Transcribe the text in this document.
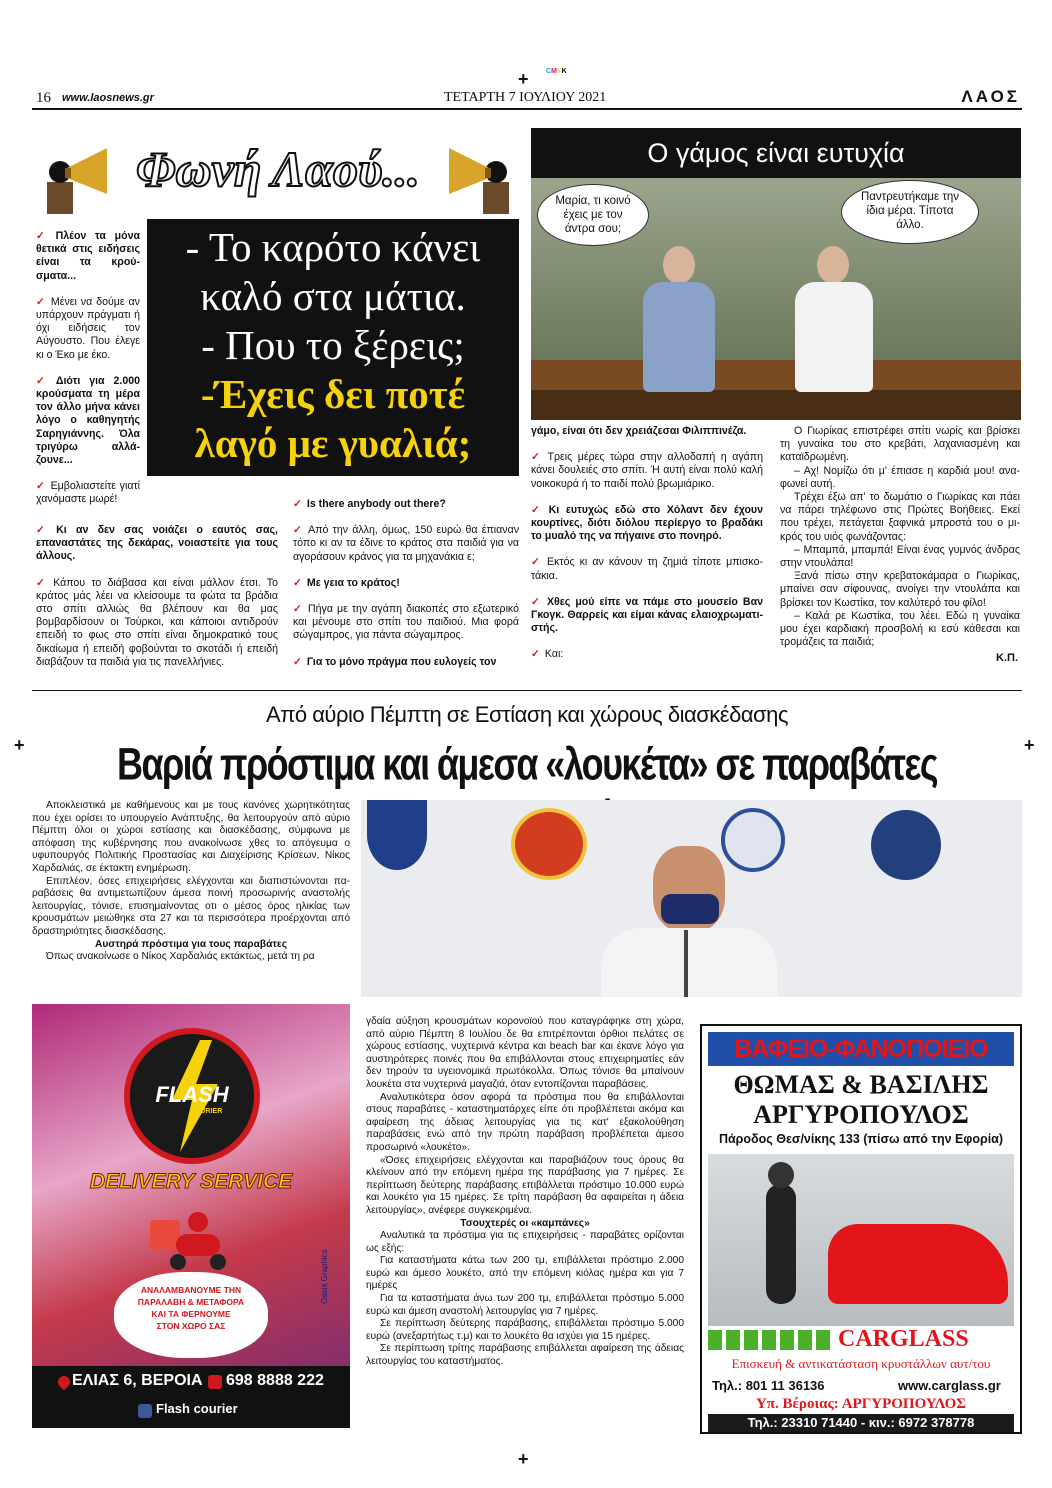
+ CMYK
+	+
+
16 www.laosnews.gr	ΤΕΤΑΡΤΗ 7 ΙΟΥΛΙΟΥ 2021	ΛΑΟΣ
Φωνή Λαού...	Ο γάμος είναι ευτυχία
Μαρία, τι κοινό έχεις με τον άντρα σου;
Παντρευτήκαμε την ίδια μέρα. Τίποτα άλλο.
- Το καρότο κάνει
καλό στα μάτια.
- Που το ξέρεις;
-Έχεις δει ποτέ
λαγό με γυαλιά;

✓ Πλέον τα μόνα θετικά στις ειδήσεις είναι τα κρούσματα...

✓ Μένει να δούμε αν υπάρχουν πράγματι ή όχι ειδήσεις τον Αύγουστο. Που έλεγε κι ο Έκο με έκο.

✓ Διότι για 2.000 κρούσματα τη μέρα τον άλλο μήνα κάνει λόγο ο καθηγητής Σαρηγιάννης. Όλα τριγύρω αλλάζουνε...

✓ Εμβολιαστείτε γιατί χανόμαστε μωρέ!

✓ Κι αν δεν σας νοιάζει ο εαυτός σας, επαναστάτες της δεκάρας, νοιαστείτε για τους άλλους.

✓ Κάπου το διάβασα και είναι μάλλον έτσι. Το κράτος μάς λέει να κλείσουμε τα φώτα τα βράδια στο σπίτι αλλιώς θα βλέπουν και θα μας βομβαρδίσουν οι Τούρκοι, και κάποιοι αντιδρούν επειδή το φως στο σπίτι είναι δημοκρατικό τους δικαίωμα ή επειδή φοβούνται το σκοτάδι ή επειδή διαβάζουν τα παιδιά για τις πανελλήνιες.

✓ Is there anybody out there?

✓ Από την άλλη, όμως, 150 ευρώ θα έπιαναν τόπο κι αν τα έδινε το κράτος στα παιδιά για να αγοράσουν κράνος για τα μηχανάκια ε;

✓ Με γεια το κράτος!

✓ Πήγα με την αγάπη διακοπές στο εξωτερικό και μένουμε στο σπίτι του παιδιού. Μια φορά σώγαμπρος, για πάντα σώγαμπρος.

✓ Για το μόνο πράγμα που ευλογείς τον

γάμο, είναι ότι δεν χρειάζεσαι Φιλιππινέζα.

✓ Τρεις μέρες τώρα στην αλλοδαπή η αγάπη κάνει δουλειές στο σπίτι. Ή αυτή είναι πολύ καλή νοικοκυρά ή το παιδί πολύ βρωμιάρικο.

✓ Κι ευτυχώς εδώ στο Χόλαντ δεν έχουν κουρτίνες, διότι διόλου περίεργο το βραδάκι το μυαλό της να πήγαινε στο πονηρό.

✓ Εκτός κι αν κάνουν τη ζημιά τίποτε μπισκοτάκια.

✓ Χθες μού είπε να πάμε στο μουσείο Βαν Γκογκ. Θαρρείς και είμαι κάνας ελαιοχρωματιστής.

✓ Και:

Ο Γιωρίκας επιστρέφει σπίτι νωρίς και βρίσκει τη γυναίκα του στο κρεβάτι, λαχανιασμένη και καταϊδρωμένη.

– Αχ! Νομίζω ότι μ' έπιασε η καρδιά μου! αναφωνεί αυτή.

Τρέχει έξω απ' το δωμάτιο ο Γιωρίκας και πάει να πάρει τηλέφωνο στις Πρώτες Βοήθειες. Εκεί που τρέχει, πετάγεται ξαφνικά μπροστά του ο μικρός του υιός φωνάζοντας:

– Μπαμπά, μπαμπά! Είναι ένας γυμνός άνδρας στην ντουλάπα!

Ξανά πίσω στην κρεβατοκάμαρα ο Γιωρίκας, μπαίνει σαν σίφουνας, ανοίγει την ντουλάπα και βρίσκει τον Κωστίκα, τον καλύτερό του φίλο!

– Καλά ρε Κωστίκα, του λέει. Εδώ η γυναίκα μου έχει καρδιακή προσβολή κι εσύ κάθεσαι και τρομάζεις τα παιδιά;

Κ.Π.
Από αύριο Πέμπτη σε Εστίαση και χώρους διασκέδασης
Βαριά πρόστιμα και άμεσα «λουκέτα» σε παραβάτες

Αποκλειστικά με καθήμενους και με τους κανόνες χωρητικότητας που έχει ορίσει το υπουργείο Ανάπτυξης, θα λειτουργούν από αύριο Πέμπτη όλοι οι χώροι εστίασης και διασκέδασης, σύμφωνα με απόφαση της κυβέρνησης που ανακοίνωσε χθες το απόγευμα ο υφυπουργός Πολιτικής Προστασίας και Διαχείρισης Κρίσεων, Νίκος Χαρδαλιάς, σε έκτακτη ενημέρωση.

Επιπλέον, όσες επιχειρήσεις ελέγχονται και διαπιστώνονται παραβάσεις θα αντιμετωπίζουν άμεσα ποινή προσωρινής αναστολής λειτουργίας, τόνισε, επισημαίνοντας οτι ο μέσος όρος ηλικίας των κρουσμάτων μειώθηκε στα 27 και τα περισσότερα προέρχονται από δραστηριότητες διασκέδασης.

Αυστηρά πρόστιμα για τους παραβάτες

Όπως ανακοίνωσε ο Νίκος Χαρδαλιάς εκτάκτως, μετά τη ρα

FLASH
COURIER
DELIVERY SERVICE
ΑΝΑΛΑΜΒΑΝΟΥΜΕ ΤΗΝ
ΠΑΡΑΛΑΒΗ & ΜΕΤΑΦΟΡΑ
ΚΑΙ ΤΑ ΦΕΡΝΟΥΜΕ
ΣΤΟΝ ΧΩΡΟ ΣΑΣ
Oasis Graphics
ΕΛΙΑΣ 6, ΒΕΡΟΙΑ 698 8888 222
Flash courier

γδαία αύξηση κρουσμάτων κορονοϊού που καταγράφηκε στη χώρα, από αύριο Πέμπτη 8 Ιουλίου δε θα επιτρέπονται όρθιοι πελάτες σε χώρους εστίασης, νυχτερινά κέντρα και beach bar και έκανε λόγο για αυστηρότερες ποινές που θα επιβάλλονται στους επιχειρηματίες εάν δεν τηρούν τα υγειονομικά πρωτόκολλα. Όπως τόνισε θα μπαίνουν λουκέτα στα νυχτερινά μαγαζιά, όταν εντοπίζονται παραβάσεις.

Αναλυτικότερα όσον αφορά τα πρόστιμα που θα επιβάλλονται στους παραβάτες - καταστηματάρχες είπε ότι προβλέπεται ακόμα και αφαίρεση της άδειας λειτουργίας για τις κατ' εξακολούθηση παραβάσεις ενώ από την πρώτη παράβαση προβλέπεται άμεσο προσωρινό «λουκέτο».

«Όσες επιχειρήσεις ελέγχονται και παραβιάζουν τους όρους θα κλείνουν από την επόμενη ημέρα της παράβασης για 7 ημέρες. Σε περίπτωση δεύτερης παράβασης επιβάλλεται πρόστιμο 10.000 ευρώ και λουκέτο για 15 ημέρες. Σε τρίτη παράβαση θα αφαιρείται η άδεια λειτουργίας», ανέφερε συγκεκριμένα.

Τσουχτερές οι «καμπάνες»

Αναλυτικά τα πρόστιμα για τις επιχειρήσεις - παραβάτες ορίζονται ως εξής:

Για καταστήματα κάτω των 200 τμ, επιβάλλεται πρόστιμο 2.000 ευρώ και άμεσο λουκέτο, από την επόμενη κιόλας ημέρα και για 7 ημέρες

Για τα καταστήματα άνω των 200 τμ, επιβάλλεται πρόστιμο 5.000 ευρώ και άμεση αναστολή λειτουργίας για 7 ημέρες.

Σε περίπτωση δεύτερης παράβασης, επιβάλλεται πρόστιμο 5.000 ευρώ (ανεξαρτήτως τ.μ) και το λουκέτο θα ισχύει για 15 ημέρες.

Σε περίπτωση τρίτης παράβασης επιβάλλεται αφαίρεση της άδειας λειτουργίας του καταστήματος.

ΒΑΦΕΙΟ-ΦΑΝΟΠΟΙΕΙΟ
ΘΩΜΑΣ & ΒΑΣΙΛΗΣ
ΑΡΓΥΡΟΠΟΥΛΟΣ
Πάροδος Θεσ/νίκης 133 (πίσω από την Εφορία)
CARGLASS
Επισκευή & αντικατάσταση κρυστάλλων αυτ/του
Τηλ.: 801 11 36136	www.carglass.gr
Υπ. Βέροιας: ΑΡΓΥΡΟΠΟΥΛΟΣ
Τηλ.: 23310 71440 - κιν.: 6972 378778
